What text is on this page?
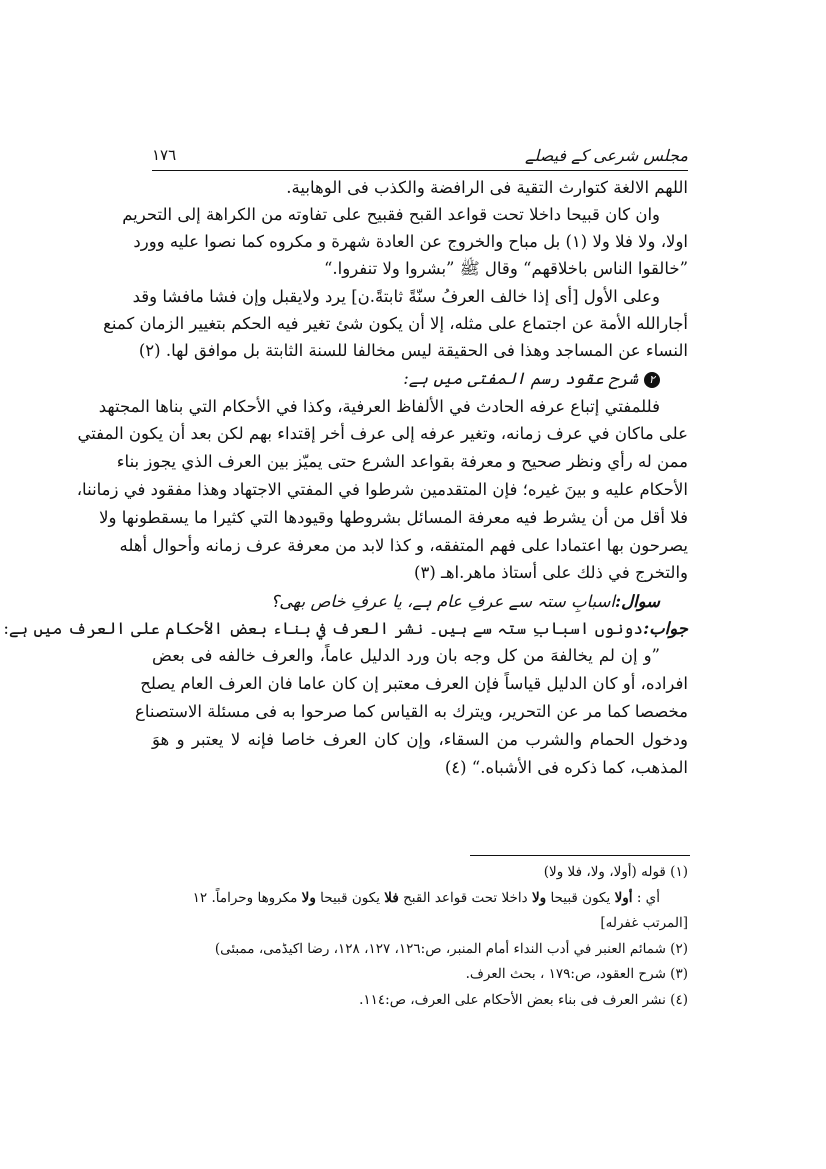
مجلس شرعی کے فیصلے
١٧٦
اللهم الالغة كتوارث التقية فى الرافضة والكذب فى الوهابية.
وان كان قبيحا داخلا تحت قواعد القبح فقبيح على تفاوته من الكراهة إلى التحريم
اولا، ولا فلا ولا (١) بل مباح والخروج عن العادة شهرة و مكروه كما نصوا عليه وورد
”خالقوا الناس باخلاقهم“ وقال ﷺ ”بشروا ولا تنفروا.“
وعلى الأول [أى إذا خالف العرفُ سنّةً ثابتةً.ن] يرد ولايقبل وإن فشا مافشا وقد
أجارالله الأمة عن اجتماع على مثله، إلا أن يكون شئ تغير فيه الحكم بتغيير الزمان كمنع
النساء عن المساجد وهذا فى الحقيقة ليس مخالفا للسنة الثابتة بل موافق لها. (٢)
٢شرح عقود رسم المفتی میں ہے:
فللمفتي إتباع عرفه الحادث في الألفاظ العرفية، وكذا في الأحكام التي بناها المجتهد
على ماكان في عرف زمانه، وتغير عرفه إلى عرف أخر إقتداء بهم لكن بعد أن يكون المفتي
ممن له رأي ونظر صحيح و معرفة بقواعد الشرع حتى يميّز بين العرف الذي يجوز بناء
الأحكام عليه و بينَ غيره؛ فإن المتقدمين شرطوا في المفتي الاجتهاد وهذا مفقود في زماننا،
فلا أقل من أن يشرط فيه معرفة المسائل بشروطها وقيودها التي كثيرا ما يسقطونها ولا
يصرحون بها اعتمادا على فهم المتفقه، و كذا لابد من معرفة عرف زمانه وأحوال أهله
والتخرج في ذلك على أستاذ ماهر.اهـ (٣)
سوال:اسبابِ ستہ سے عرفِ عام ہے، یا عرفِ خاص بھی؟
جواب:دونوں اسبابِ ستہ سے ہیں۔ نشر العرف في بناء بعض الأحكام على العرف میں ہے:
”و إن لم يخالفهَ من كل وجه بان ورد الدليل عاماً، والعرف خالفه فى بعض
افراده، أو كان الدليل قياساً فإن العرف معتبر إن كان عاما فان العرف العام يصلح
مخصصا كما مر عن التحرير، ويترك به القياس كما صرحوا به فى مسئلة الاستصناع
ودخول الحمام والشرب من السقاء، وإن كان العرف خاصا فإنه لا يعتبر و هوَ
المذهب، كما ذكره فى الأشباه.“ (٤)
(١) قوله (أولا، ولا، فلا ولا)
أي : أولا يكون قبيحا ولا داخلا تحت قواعد القبح فلا يكون قبيحا ولا مكروها وحراماً. ١٢
[المرتب غفرله]
(٢) شمائم العنبر في أدب النداء أمام المنبر، ص:١٢٦، ١٢٧، ١٢٨، رضا اكيڈمی، ممبئی)
(٣) شرح العقود، ص:١٧٩ ، بحث العرف.
(٤) نشر العرف فى بناء بعض الأحكام على العرف، ص:١١٤.
